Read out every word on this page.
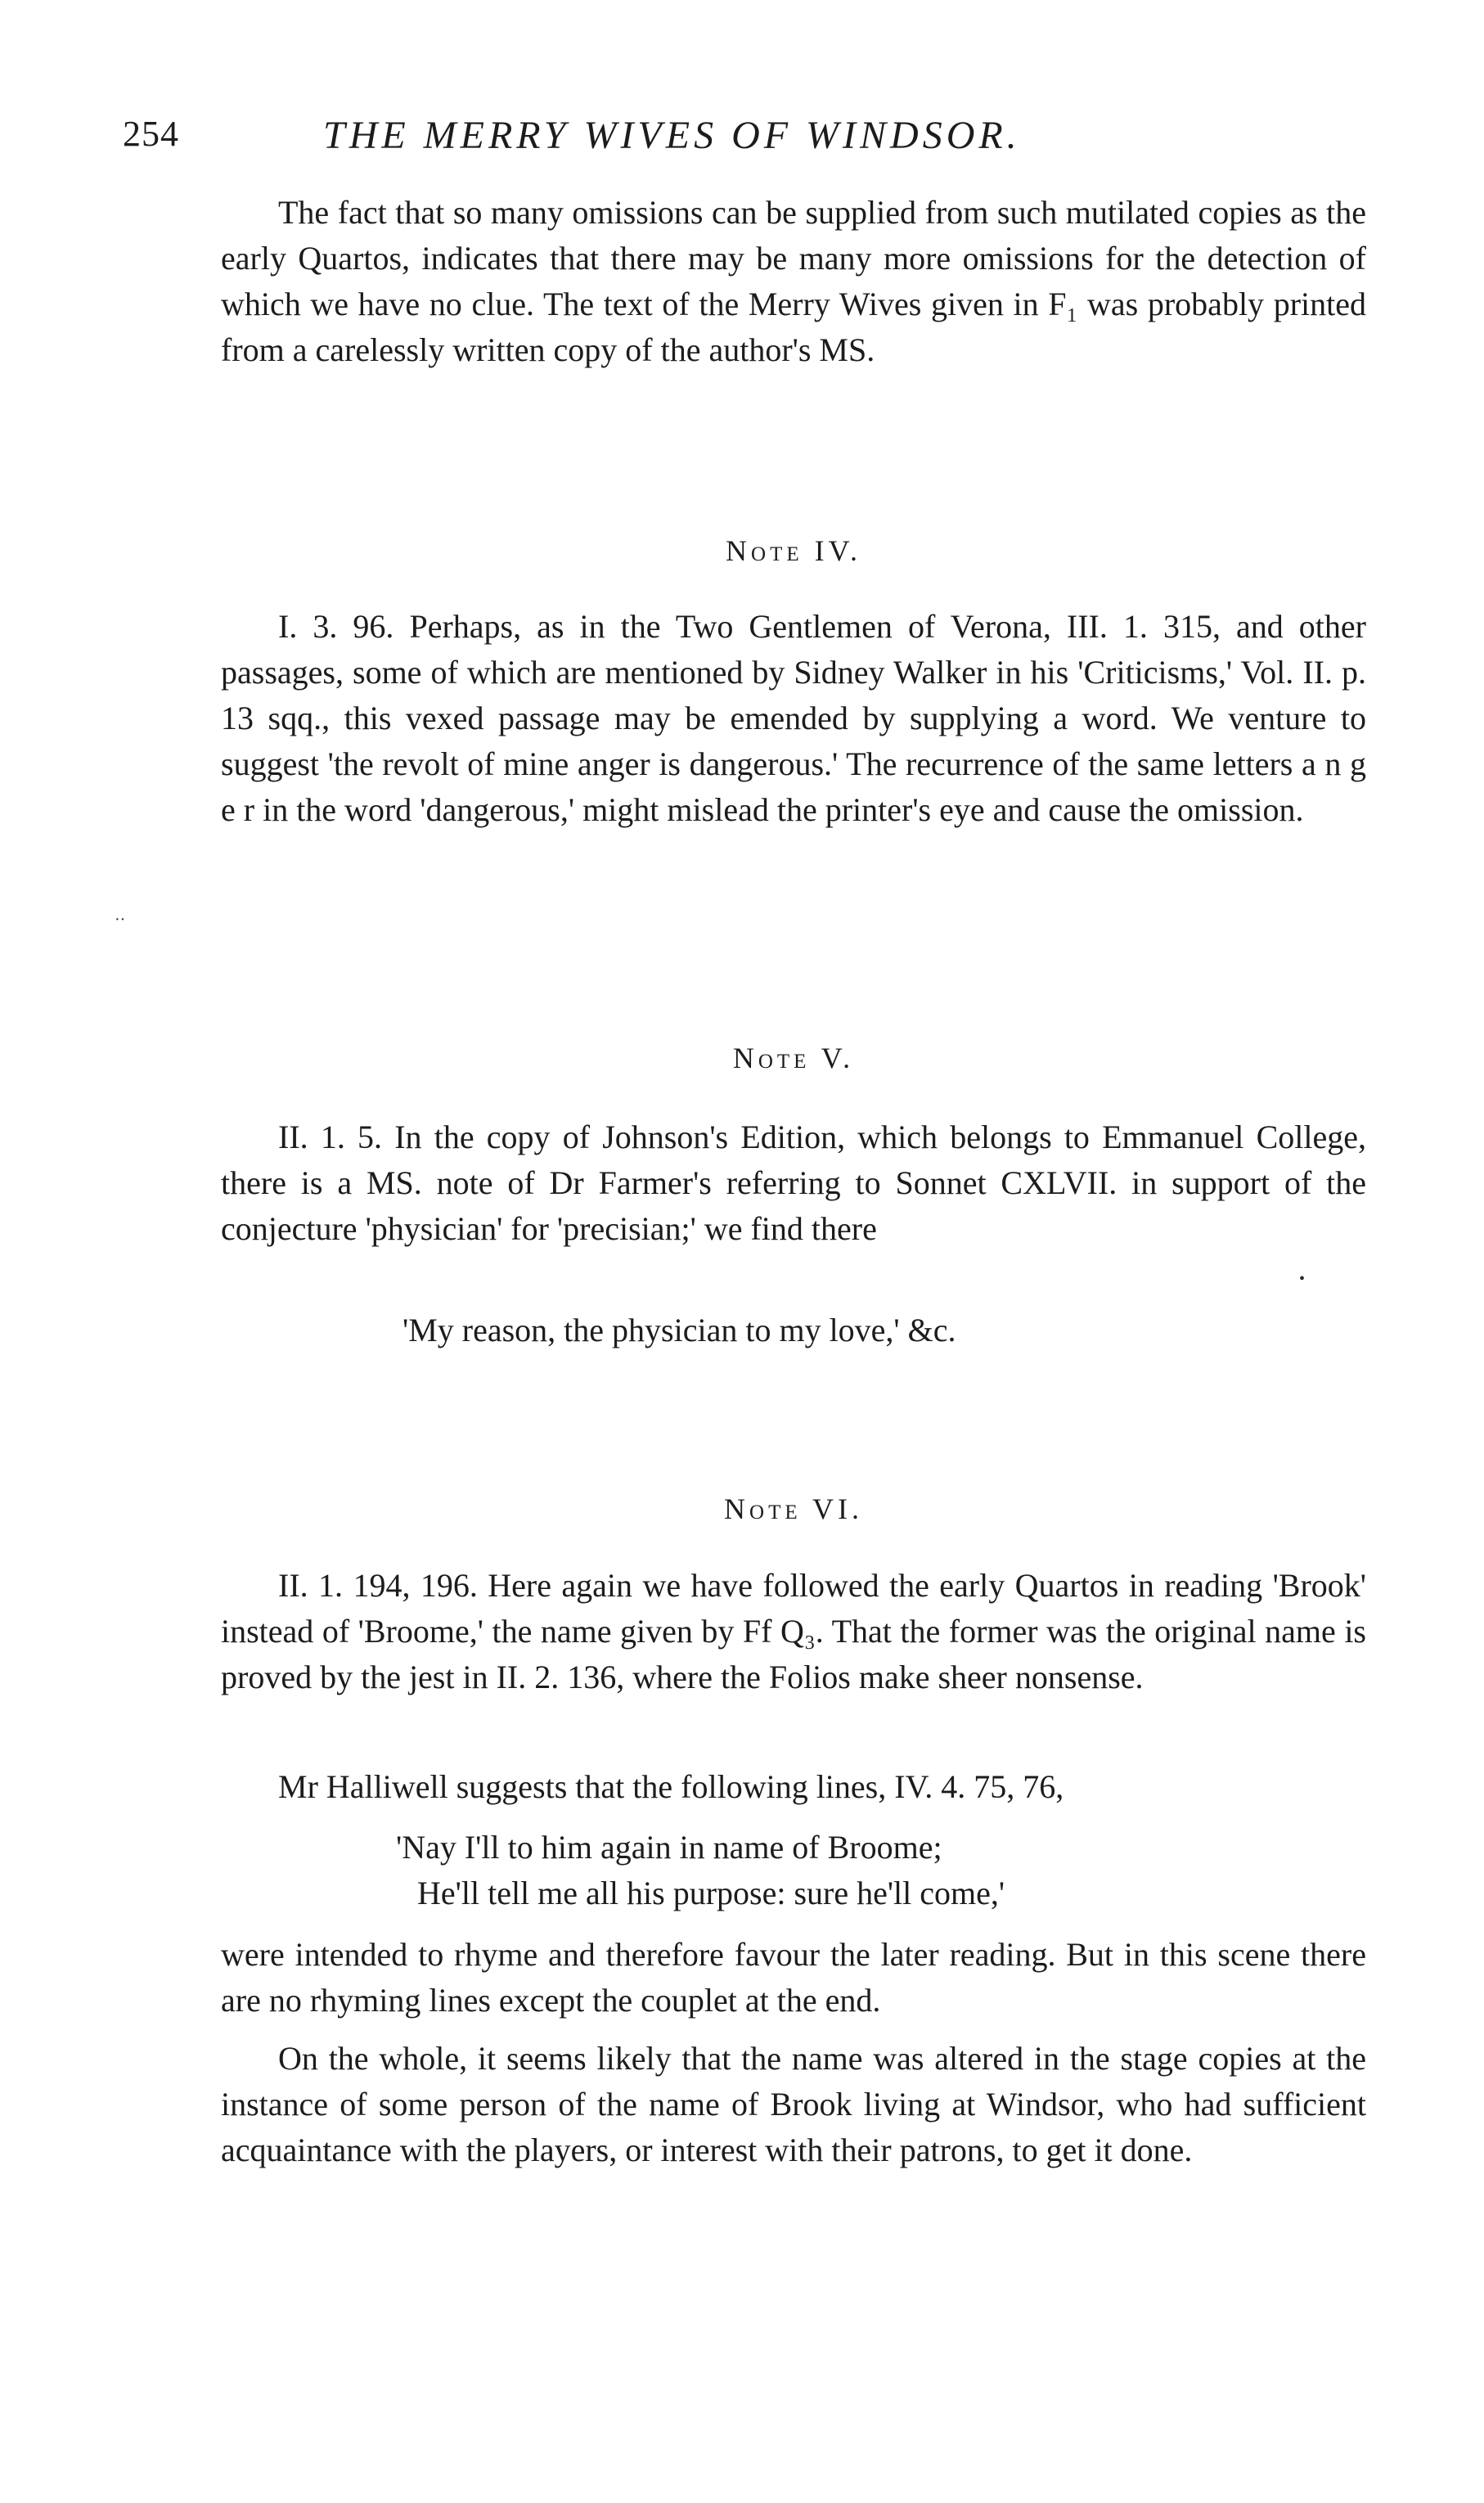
254	THE MERRY WIVES OF WINDSOR.

The fact that so many omissions can be supplied from such mutilated copies as the early Quartos, indicates that there may be many more omissions for the detection of which we have no clue. The text of the Merry Wives given in F₁ was probably printed from a carelessly written copy of the author's MS.

Note IV.

I. 3. 96. Perhaps, as in the Two Gentlemen of Verona, III. 1. 315, and other passages, some of which are mentioned by Sidney Walker in his 'Criticisms,' Vol. II. p. 13 sqq., this vexed passage may be emended by supplying a word. We venture to suggest 'the revolt of mine anger is dangerous.' The recurrence of the same letters a n g e r in the word 'dangerous,' might mislead the printer's eye and cause the omission.

··
Note V.

II. 1. 5. In the copy of Johnson's Edition, which belongs to Emmanuel College, there is a MS. note of Dr Farmer's referring to Sonnet CXLVII. in support of the conjecture 'physician' for 'precisian;' we find there

•
'My reason, the physician to my love,' &c.
Note VI.

II. 1. 194, 196. Here again we have followed the early Quartos in reading 'Brook' instead of 'Broome,' the name given by Ff Q₃. That the former was the original name is proved by the jest in II. 2. 136, where the Folios make sheer nonsense.

Mr Halliwell suggests that the following lines, IV. 4. 75, 76,

'Nay I'll to him again in name of Broome;
He'll tell me all his purpose: sure he'll come,'

were intended to rhyme and therefore favour the later reading. But in this scene there are no rhyming lines except the couplet at the end.

On the whole, it seems likely that the name was altered in the stage copies at the instance of some person of the name of Brook living at Windsor, who had sufficient acquaintance with the players, or interest with their patrons, to get it done.
